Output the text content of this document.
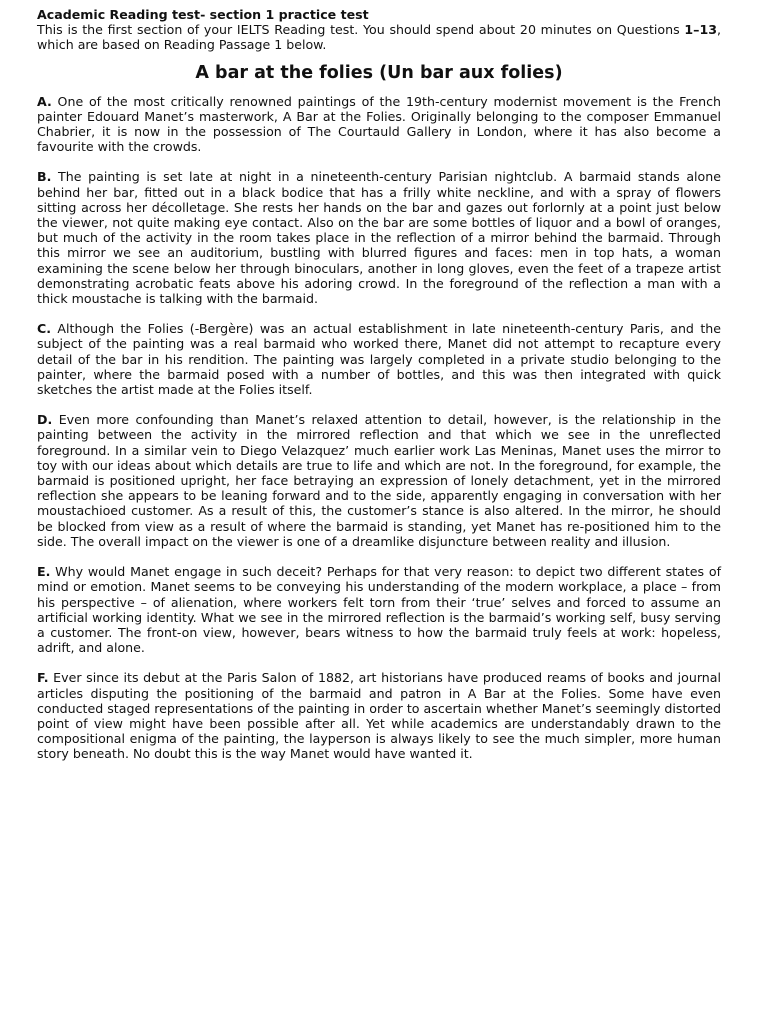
Academic Reading test- section 1 practice test

This is the first section of your IELTS Reading test. You should spend about 20 minutes on Questions 1–13, which are based on Reading Passage 1 below.

A bar at the folies (Un bar aux folies)

A. One of the most critically renowned paintings of the 19th-century modernist movement is the French painter Edouard Manet’s masterwork, A Bar at the Folies. Originally belonging to the composer Emmanuel Chabrier, it is now in the possession of The Courtauld Gallery in London, where it has also become a favourite with the crowds.

B. The painting is set late at night in a nineteenth-century Parisian nightclub. A barmaid stands alone behind her bar, fitted out in a black bodice that has a frilly white neckline, and with a spray of flowers sitting across her décolletage. She rests her hands on the bar and gazes out forlornly at a point just below the viewer, not quite making eye contact. Also on the bar are some bottles of liquor and a bowl of oranges, but much of the activity in the room takes place in the reflection of a mirror behind the barmaid. Through this mirror we see an auditorium, bustling with blurred figures and faces: men in top hats, a woman examining the scene below her through binoculars, another in long gloves, even the feet of a trapeze artist demonstrating acrobatic feats above his adoring crowd. In the foreground of the reflection a man with a thick moustache is talking with the barmaid.

C. Although the Folies (-Bergère) was an actual establishment in late nineteenth-century Paris, and the subject of the painting was a real barmaid who worked there, Manet did not attempt to recapture every detail of the bar in his rendition. The painting was largely completed in a private studio belonging to the painter, where the barmaid posed with a number of bottles, and this was then integrated with quick sketches the artist made at the Folies itself.

D. Even more confounding than Manet’s relaxed attention to detail, however, is the relationship in the painting between the activity in the mirrored reflection and that which we see in the unreflected foreground. In a similar vein to Diego Velazquez’ much earlier work Las Meninas, Manet uses the mirror to toy with our ideas about which details are true to life and which are not. In the foreground, for example, the barmaid is positioned upright, her face betraying an expression of lonely detachment, yet in the mirrored reflection she appears to be leaning forward and to the side, apparently engaging in conversation with her moustachioed customer. As a result of this, the customer’s stance is also altered. In the mirror, he should be blocked from view as a result of where the barmaid is standing, yet Manet has re-positioned him to the side. The overall impact on the viewer is one of a dreamlike disjuncture between reality and illusion.

E. Why would Manet engage in such deceit? Perhaps for that very reason: to depict two different states of mind or emotion. Manet seems to be conveying his understanding of the modern workplace, a place – from his perspective – of alienation, where workers felt torn from their ‘true’ selves and forced to assume an artificial working identity. What we see in the mirrored reflection is the barmaid’s working self, busy serving a customer. The front-on view, however, bears witness to how the barmaid truly feels at work: hopeless, adrift, and alone.

F. Ever since its debut at the Paris Salon of 1882, art historians have produced reams of books and journal articles disputing the positioning of the barmaid and patron in A Bar at the Folies. Some have even conducted staged representations of the painting in order to ascertain whether Manet’s seemingly distorted point of view might have been possible after all. Yet while academics are understandably drawn to the compositional enigma of the painting, the layperson is always likely to see the much simpler, more human story beneath. No doubt this is the way Manet would have wanted it.
